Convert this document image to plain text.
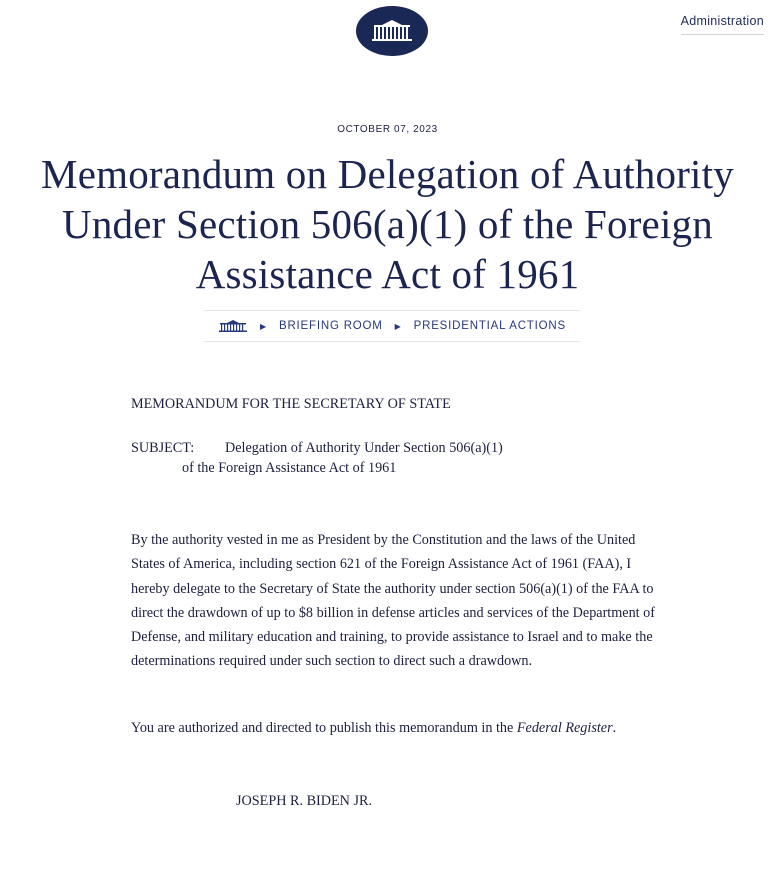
Administration
OCTOBER 07, 2023
Memorandum on Delegation of Authority Under Section 506(a)(1) of the Foreign Assistance Act of 1961
▶ BRIEFING ROOM ▶ PRESIDENTIAL ACTIONS
MEMORANDUM FOR THE SECRETARY OF STATE
SUBJECT: Delegation of Authority Under Section 506(a)(1)
of the Foreign Assistance Act of 1961
By the authority vested in me as President by the Constitution and the laws of the United States of America, including section 621 of the Foreign Assistance Act of 1961 (FAA), I hereby delegate to the Secretary of State the authority under section 506(a)(1) of the FAA to direct the drawdown of up to $8 billion in defense articles and services of the Department of Defense, and military education and training, to provide assistance to Israel and to make the determinations required under such section to direct such a drawdown.
You are authorized and directed to publish this memorandum in the Federal Register.
JOSEPH R. BIDEN JR.
